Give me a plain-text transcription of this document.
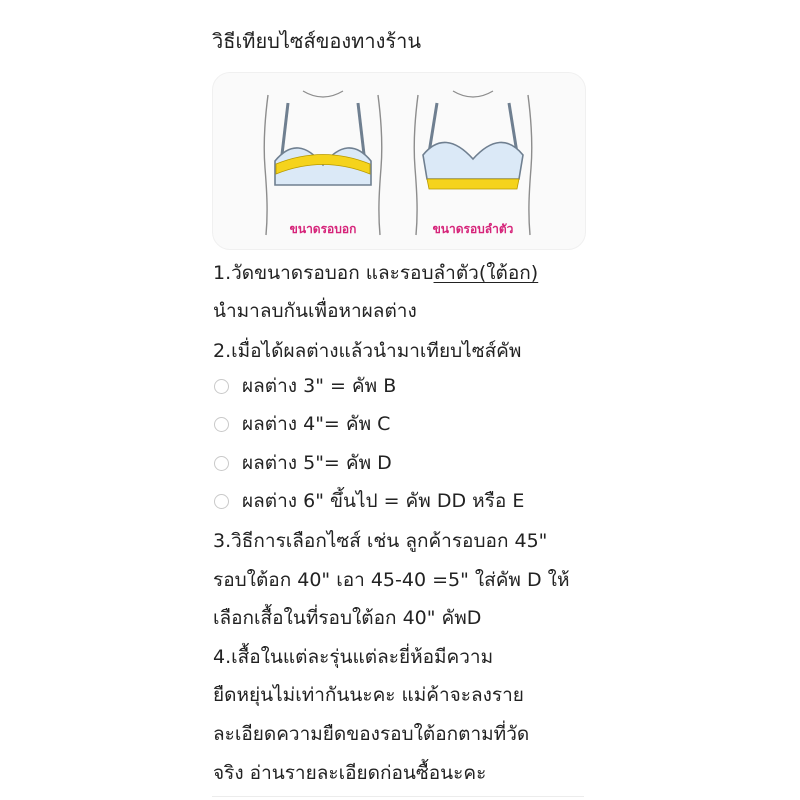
วิธีเทียบไซส์ของทางร้าน
ขนาดรอบอก	ขนาดรอบลำตัว
1.วัดขนาดรอบอก และรอบลำตัว(ใต้อก)
นำมาลบกันเพื่อหาผลต่าง
2.เมื่อได้ผลต่างแล้วนำมาเทียบไซส์คัพ
ผลต่าง 3" = คัพ B
ผลต่าง 4"= คัพ C
ผลต่าง 5"= คัพ D
ผลต่าง 6" ขึ้นไป = คัพ DD หรือ E
3.วิธีการเลือกไซส์ เช่น ลูกค้ารอบอก 45"
รอบใต้อก 40" เอา 45-40 =5" ใส่คัพ D ให้
เลือกเสื้อในที่รอบใต้อก 40" คัพD
4.เสื้อในแต่ละรุ่นแต่ละยี่ห้อมีความ
ยืดหยุ่นไม่เท่ากันนะคะ แม่ค้าจะลงราย
ละเอียดความยืดของรอบใต้อกตามที่วัด
จริง อ่านรายละเอียดก่อนซื้อนะคะ
